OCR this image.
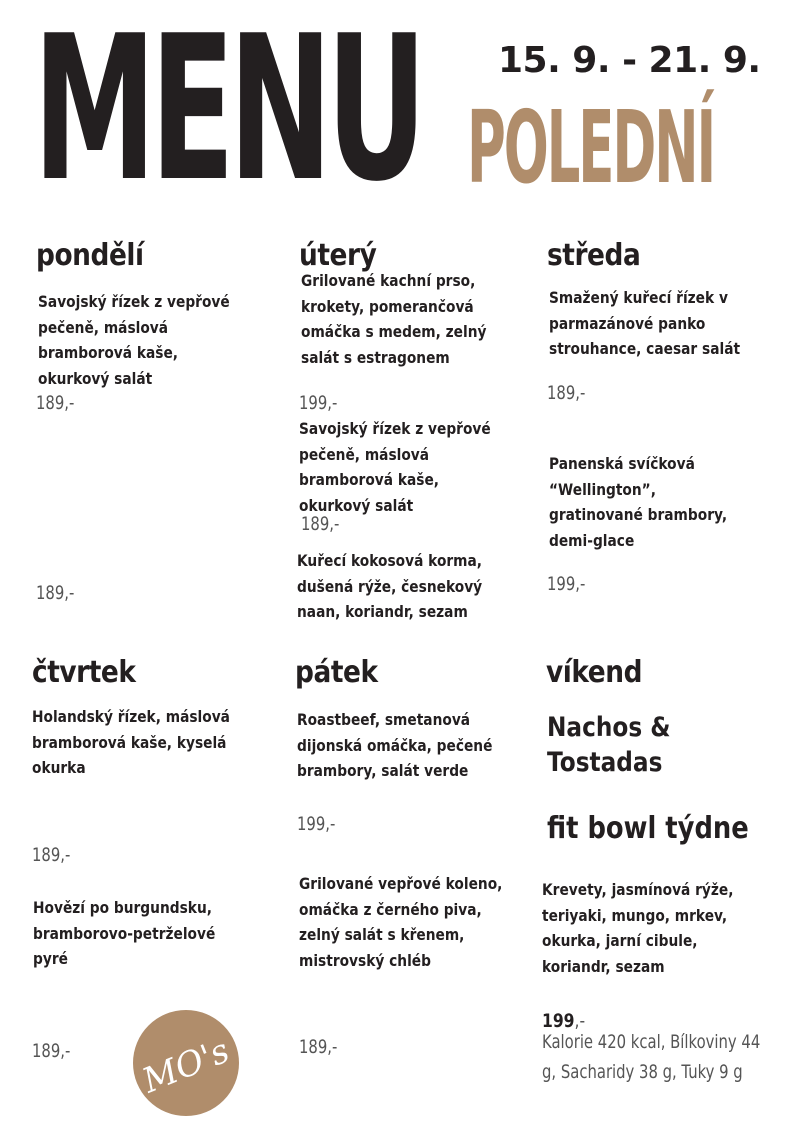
MENU 15. 9. - 21. 9.
POLEDNÍ
pondělí
Savojský řízek z vepřové
pečeně, máslová
bramborová kaše,
okurkový salát
189,-
189,-
úterý
Grilované kachní prso,
krokety, pomerančová
omáčka s medem, zelný
salát s estragonem
199,-
Savojský řízek z vepřové
pečeně, máslová
bramborová kaše,
okurkový salát
189,-
Kuřecí kokosová korma,
dušená rýže, česnekový
naan, koriandr, sezam
středa
Smažený kuřecí řízek v
parmazánové panko
strouhance, caesar salát
189,-
Panenská svíčková
“Wellington”,
gratinované brambory,
demi-glace
199,-
čtvrtek
Holandský řízek, máslová
bramborová kaše, kyselá
okurka
189,-
Hovězí po burgundsku,
bramborovo-petrželové
pyré
189,-
pátek
Roastbeef, smetanová
dijonská omáčka, pečené
brambory, salát verde
199,-
Grilované vepřové koleno,
omáčka z černého piva,
zelný salát s křenem,
mistrovský chléb
189,-
víkend
Nachos &
Tostadas
fit bowl týdne
Krevety, jasmínová rýže,
teriyaki, mungo, mrkev,
okurka, jarní cibule,
koriandr, sezam
199,-
Kalorie 420 kcal, Bílkoviny 44
g, Sacharidy 38 g, Tuky 9 g
MO's
